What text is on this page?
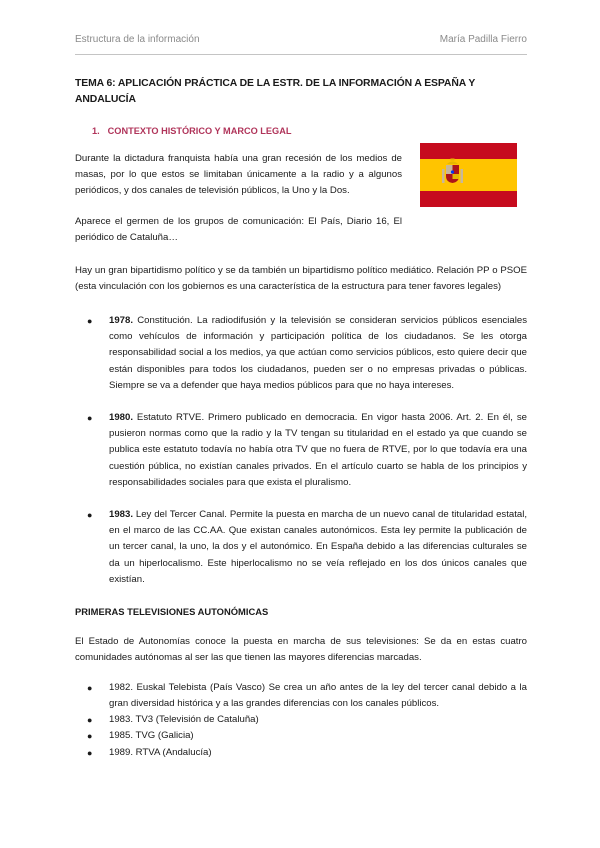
Estructura de la información	María Padilla Fierro
TEMA 6: APLICACIÓN PRÁCTICA DE LA ESTR. DE LA INFORMACIÓN A ESPAÑA Y ANDALUCÍA
1. CONTEXTO HISTÓRICO Y MARCO LEGAL

Durante la dictadura franquista había una gran recesión de los medios de masas, por lo que estos se limitaban únicamente a la radio y a algunos periódicos, y dos canales de televisión públicos, la Uno y la Dos.

Aparece el germen de los grupos de comunicación: El País, Diario 16, El periódico de Cataluña…

Hay un gran bipartidismo político y se da también un bipartidismo político mediático. Relación PP o PSOE (esta vinculación con los gobiernos es una característica de la estructura para tener favores legales)

● 1978. Constitución. La radiodifusión y la televisión se consideran servicios públicos esenciales como vehículos de información y participación política de los ciudadanos. Se les otorga responsabilidad social a los medios, ya que actúan como servicios públicos, esto quiere decir que están disponibles para todos los ciudadanos, pueden ser o no empresas privadas o públicas. Siempre se va a defender que haya medios públicos para que no haya intereses.
● 1980. Estatuto RTVE. Primero publicado en democracia. En vigor hasta 2006. Art. 2. En él, se pusieron normas como que la radio y la TV tengan su titularidad en el estado ya que cuando se publica este estatuto todavía no había otra TV que no fuera de RTVE, por lo que todavía era una cuestión pública, no existían canales privados. En el artículo cuarto se habla de los principios y responsabilidades sociales para que exista el pluralismo.
● 1983. Ley del Tercer Canal. Permite la puesta en marcha de un nuevo canal de titularidad estatal, en el marco de las CC.AA. Que existan canales autonómicos. Esta ley permite la publicación de un tercer canal, la uno, la dos y el autonómico. En España debido a las diferencias culturales se da un hiperlocalismo. Este hiperlocalismo no se veía reflejado en los dos únicos canales que existían.
PRIMERAS TELEVISIONES AUTONÓMICAS

El Estado de Autonomías conoce la puesta en marcha de sus televisiones: Se da en estas cuatro comunidades autónomas al ser las que tienen las mayores diferencias marcadas.

● 1982. Euskal Telebista (País Vasco) Se crea un año antes de la ley del tercer canal debido a la gran diversidad histórica y a las grandes diferencias con los canales públicos.
● 1983. TV3 (Televisión de Cataluña)
● 1985. TVG (Galicia)
● 1989. RTVA (Andalucía)
